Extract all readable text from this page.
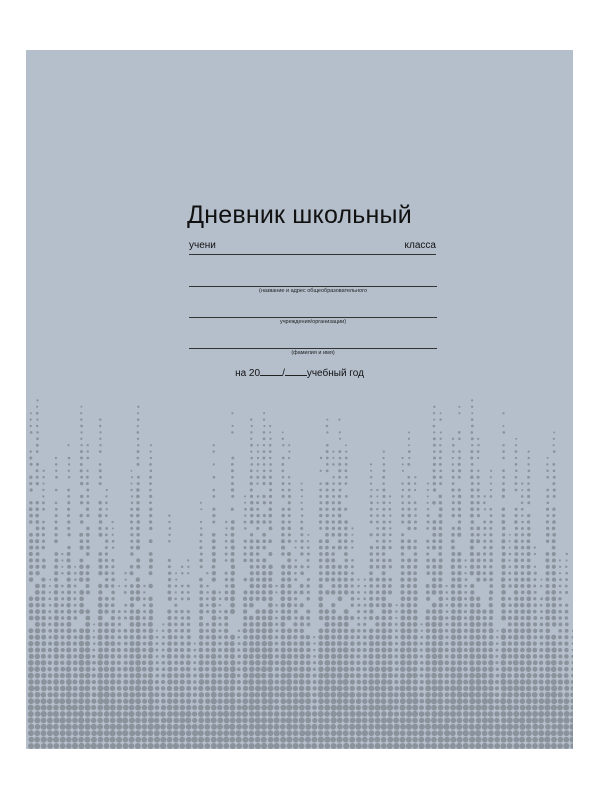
Дневник школьный
учени	класса
(название и адрес общеобразовательного
учреждения/организации)
(фамилия и имя)
на 20 / учебный год
